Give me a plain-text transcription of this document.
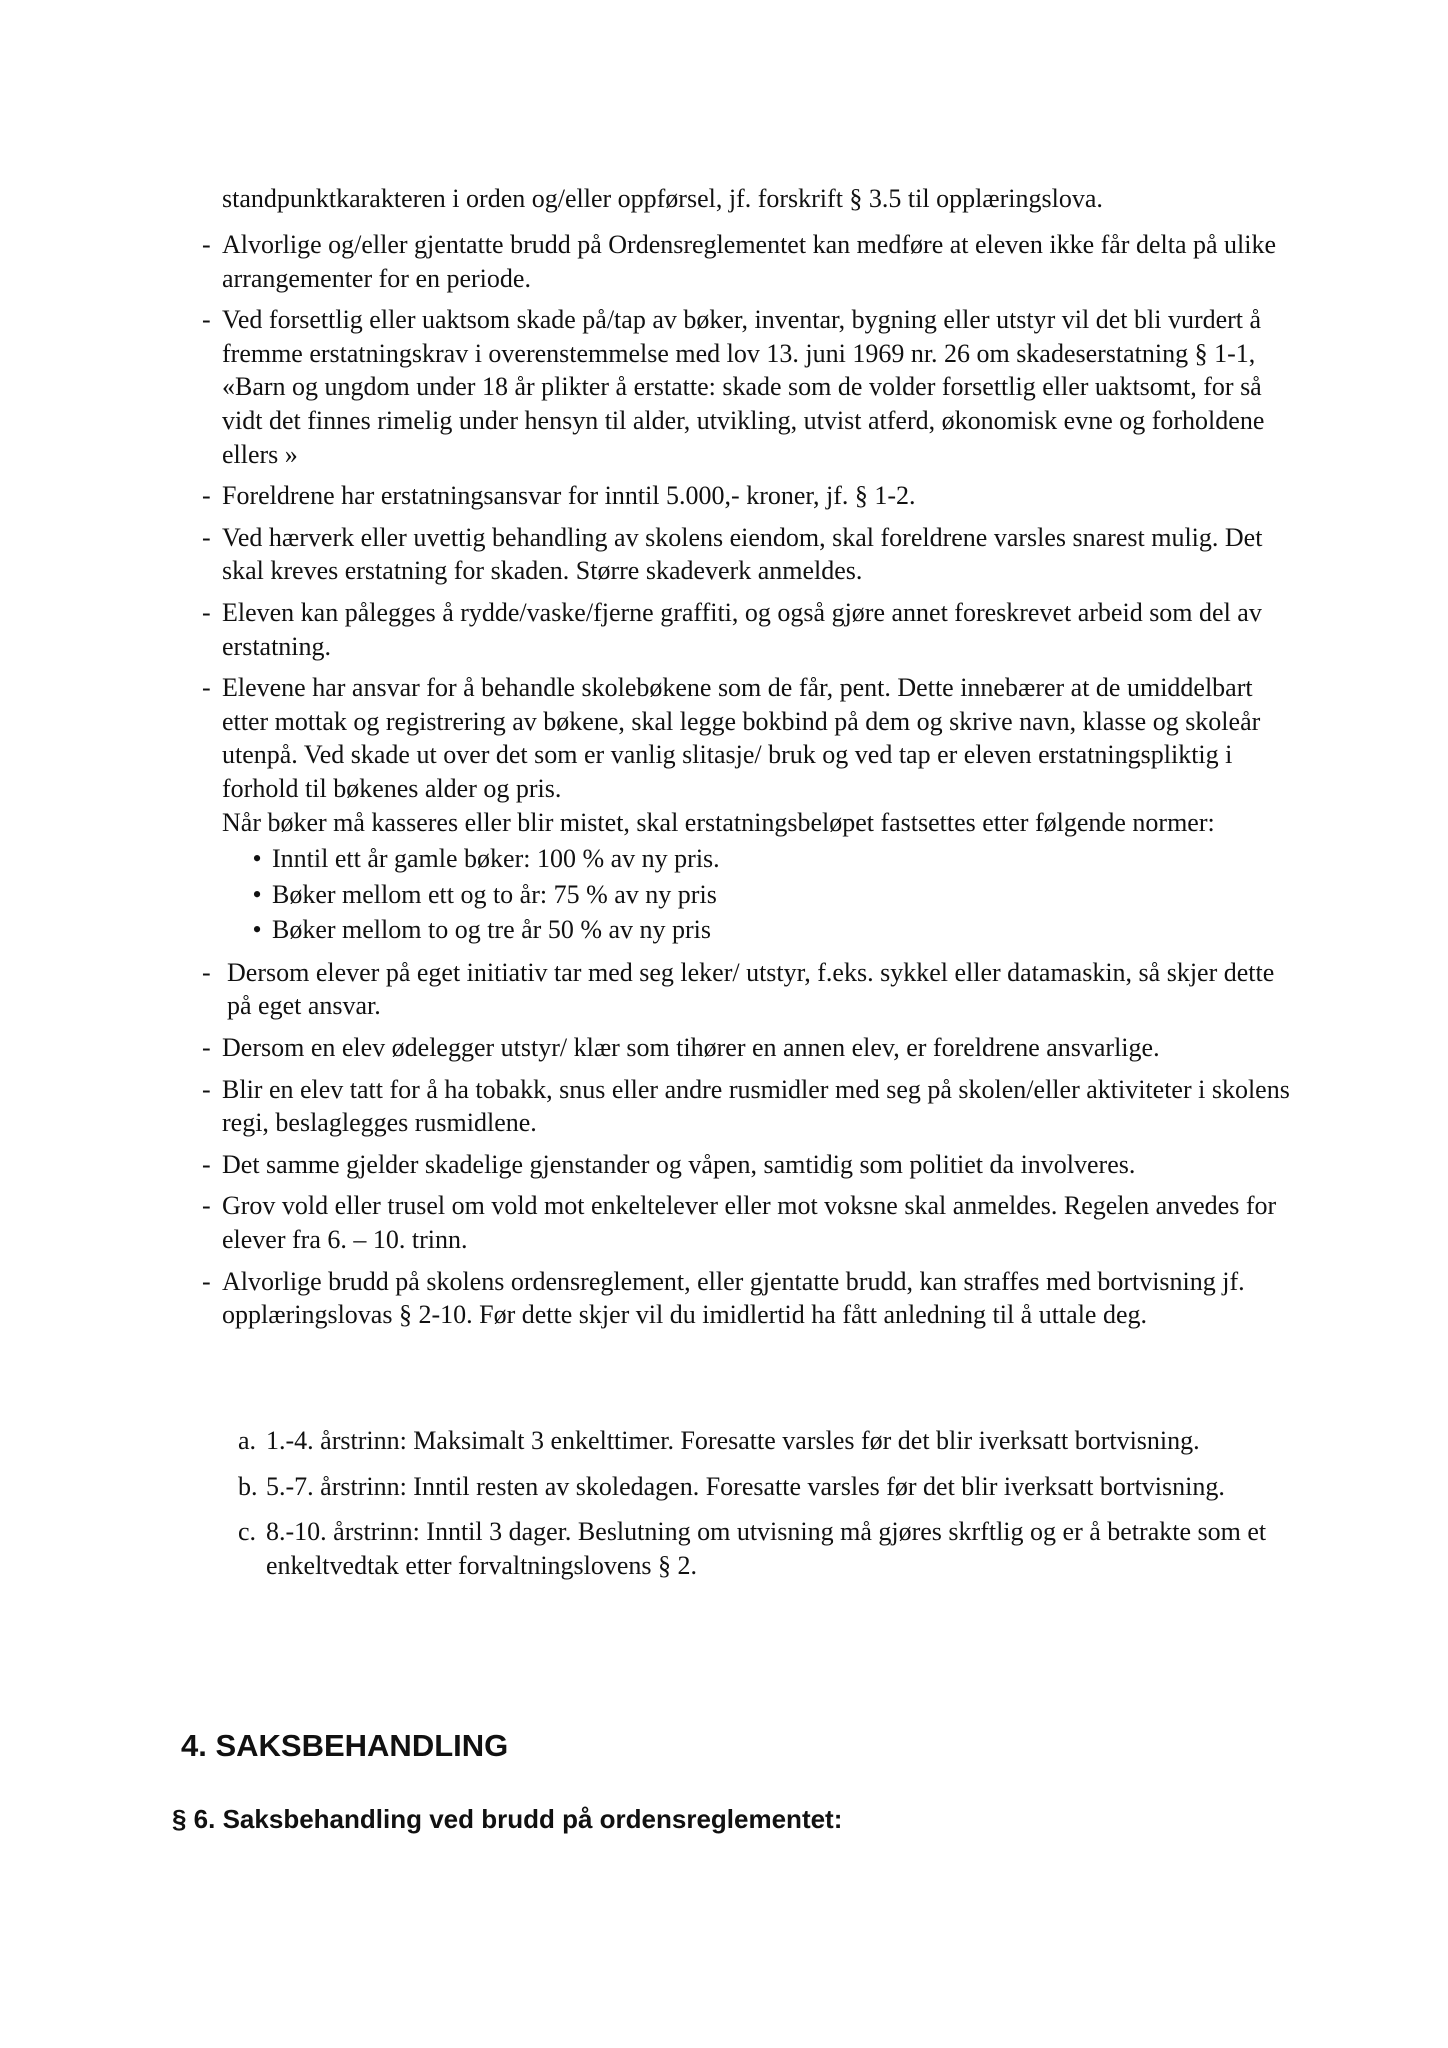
standpunktkarakteren i orden og/eller oppførsel, jf. forskrift § 3.5 til opplæringslova.
- Alvorlige og/eller gjentatte brudd på Ordensreglementet kan medføre at eleven ikke får delta på ulike arrangementer for en periode.
- Ved forsettlig eller uaktsom skade på/tap av bøker, inventar, bygning eller utstyr vil det bli vurdert å fremme erstatningskrav i overenstemmelse med lov 13. juni 1969 nr. 26 om skadeserstatning § 1-1, «Barn og ungdom under 18 år plikter å erstatte: skade som de volder forsettlig eller uaktsomt, for så vidt det finnes rimelig under hensyn til alder, utvikling, utvist atferd, økonomisk evne og forholdene ellers »
- Foreldrene har erstatningsansvar for inntil 5.000,- kroner, jf. § 1-2.
- Ved hærverk eller uvettig behandling av skolens eiendom, skal foreldrene varsles snarest mulig. Det skal kreves erstatning for skaden. Større skadeverk anmeldes.
- Eleven kan pålegges å rydde/vaske/fjerne graffiti, og også gjøre annet foreskrevet arbeid som del av erstatning.
- Elevene har ansvar for å behandle skolebøkene som de får, pent. Dette innebærer at de umiddelbart etter mottak og registrering av bøkene, skal legge bokbind på dem og skrive navn, klasse og skoleår utenpå. Ved skade ut over det som er vanlig slitasje/ bruk og ved tap er eleven erstatningspliktig i forhold til bøkenes alder og pris.
Når bøker må kasseres eller blir mistet, skal erstatningsbeløpet fastsettes etter følgende normer:
• Inntil ett år gamle bøker: 100 % av ny pris.
• Bøker mellom ett og to år: 75 % av ny pris
• Bøker mellom to og tre år 50 % av ny pris
- Dersom elever på eget initiativ tar med seg leker/ utstyr, f.eks. sykkel eller datamaskin, så skjer dette på eget ansvar.
- Dersom en elev ødelegger utstyr/ klær som tihører en annen elev, er foreldrene ansvarlige.
- Blir en elev tatt for å ha tobakk, snus eller andre rusmidler med seg på skolen/eller aktiviteter i skolens regi, beslaglegges rusmidlene.
- Det samme gjelder skadelige gjenstander og våpen, samtidig som politiet da involveres.
- Grov vold eller trusel om vold mot enkeltelever eller mot voksne skal anmeldes. Regelen anvedes for elever fra 6. – 10. trinn.
- Alvorlige brudd på skolens ordensreglement, eller gjentatte brudd, kan straffes med bortvisning jf. opplæringslovas § 2-10. Før dette skjer vil du imidlertid ha fått anledning til å uttale deg.
a. 1.-4. årstrinn: Maksimalt 3 enkelttimer. Foresatte varsles før det blir iverksatt bortvisning.
b. 5.-7. årstrinn: Inntil resten av skoledagen. Foresatte varsles før det blir iverksatt bortvisning.
c. 8.-10. årstrinn: Inntil 3 dager. Beslutning om utvisning må gjøres skrftlig og er å betrakte som et enkeltvedtak etter forvaltningslovens § 2.
4. SAKSBEHANDLING
§ 6. Saksbehandling ved brudd på ordensreglementet:
